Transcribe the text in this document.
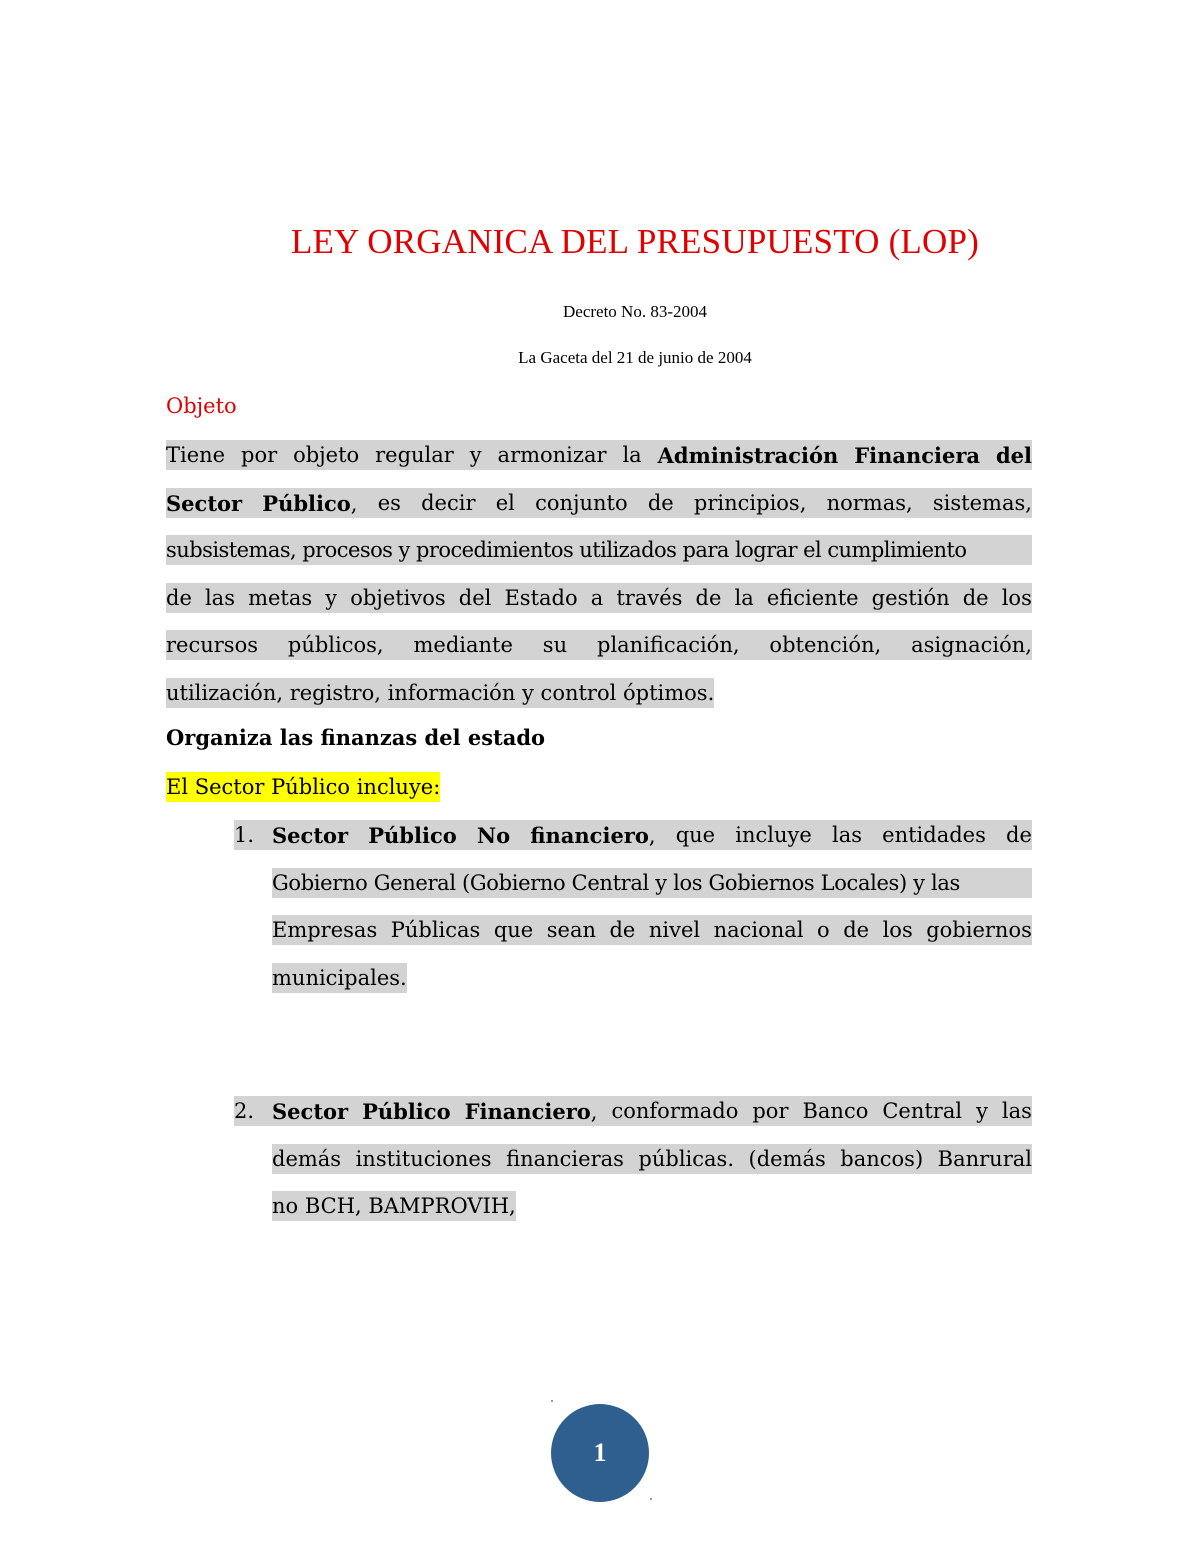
LEY ORGANICA DEL PRESUPUESTO (LOP)
Decreto No. 83-2004
La Gaceta del 21 de junio de 2004
Objeto
Tiene por objeto regular y armonizar la Administración Financiera del
Sector Público, es decir el conjunto de principios, normas, sistemas,
subsistemas, procesos y procedimientos utilizados para lograr el cumplimiento
de las metas y objetivos del Estado a través de la eficiente gestión de los
recursos públicos, mediante su planificación, obtención, asignación,
utilización, registro, información y control óptimos.
Organiza las finanzas del estado
El Sector Público incluye:
1. Sector Público No financiero, que incluye las entidades de
Gobierno General (Gobierno Central y los Gobiernos Locales) y las
Empresas Públicas que sean de nivel nacional o de los gobiernos
municipales.
2. Sector Público Financiero, conformado por Banco Central y las
demás instituciones financieras públicas. (demás bancos) Banrural
no BCH, BAMPROVIH,
1
